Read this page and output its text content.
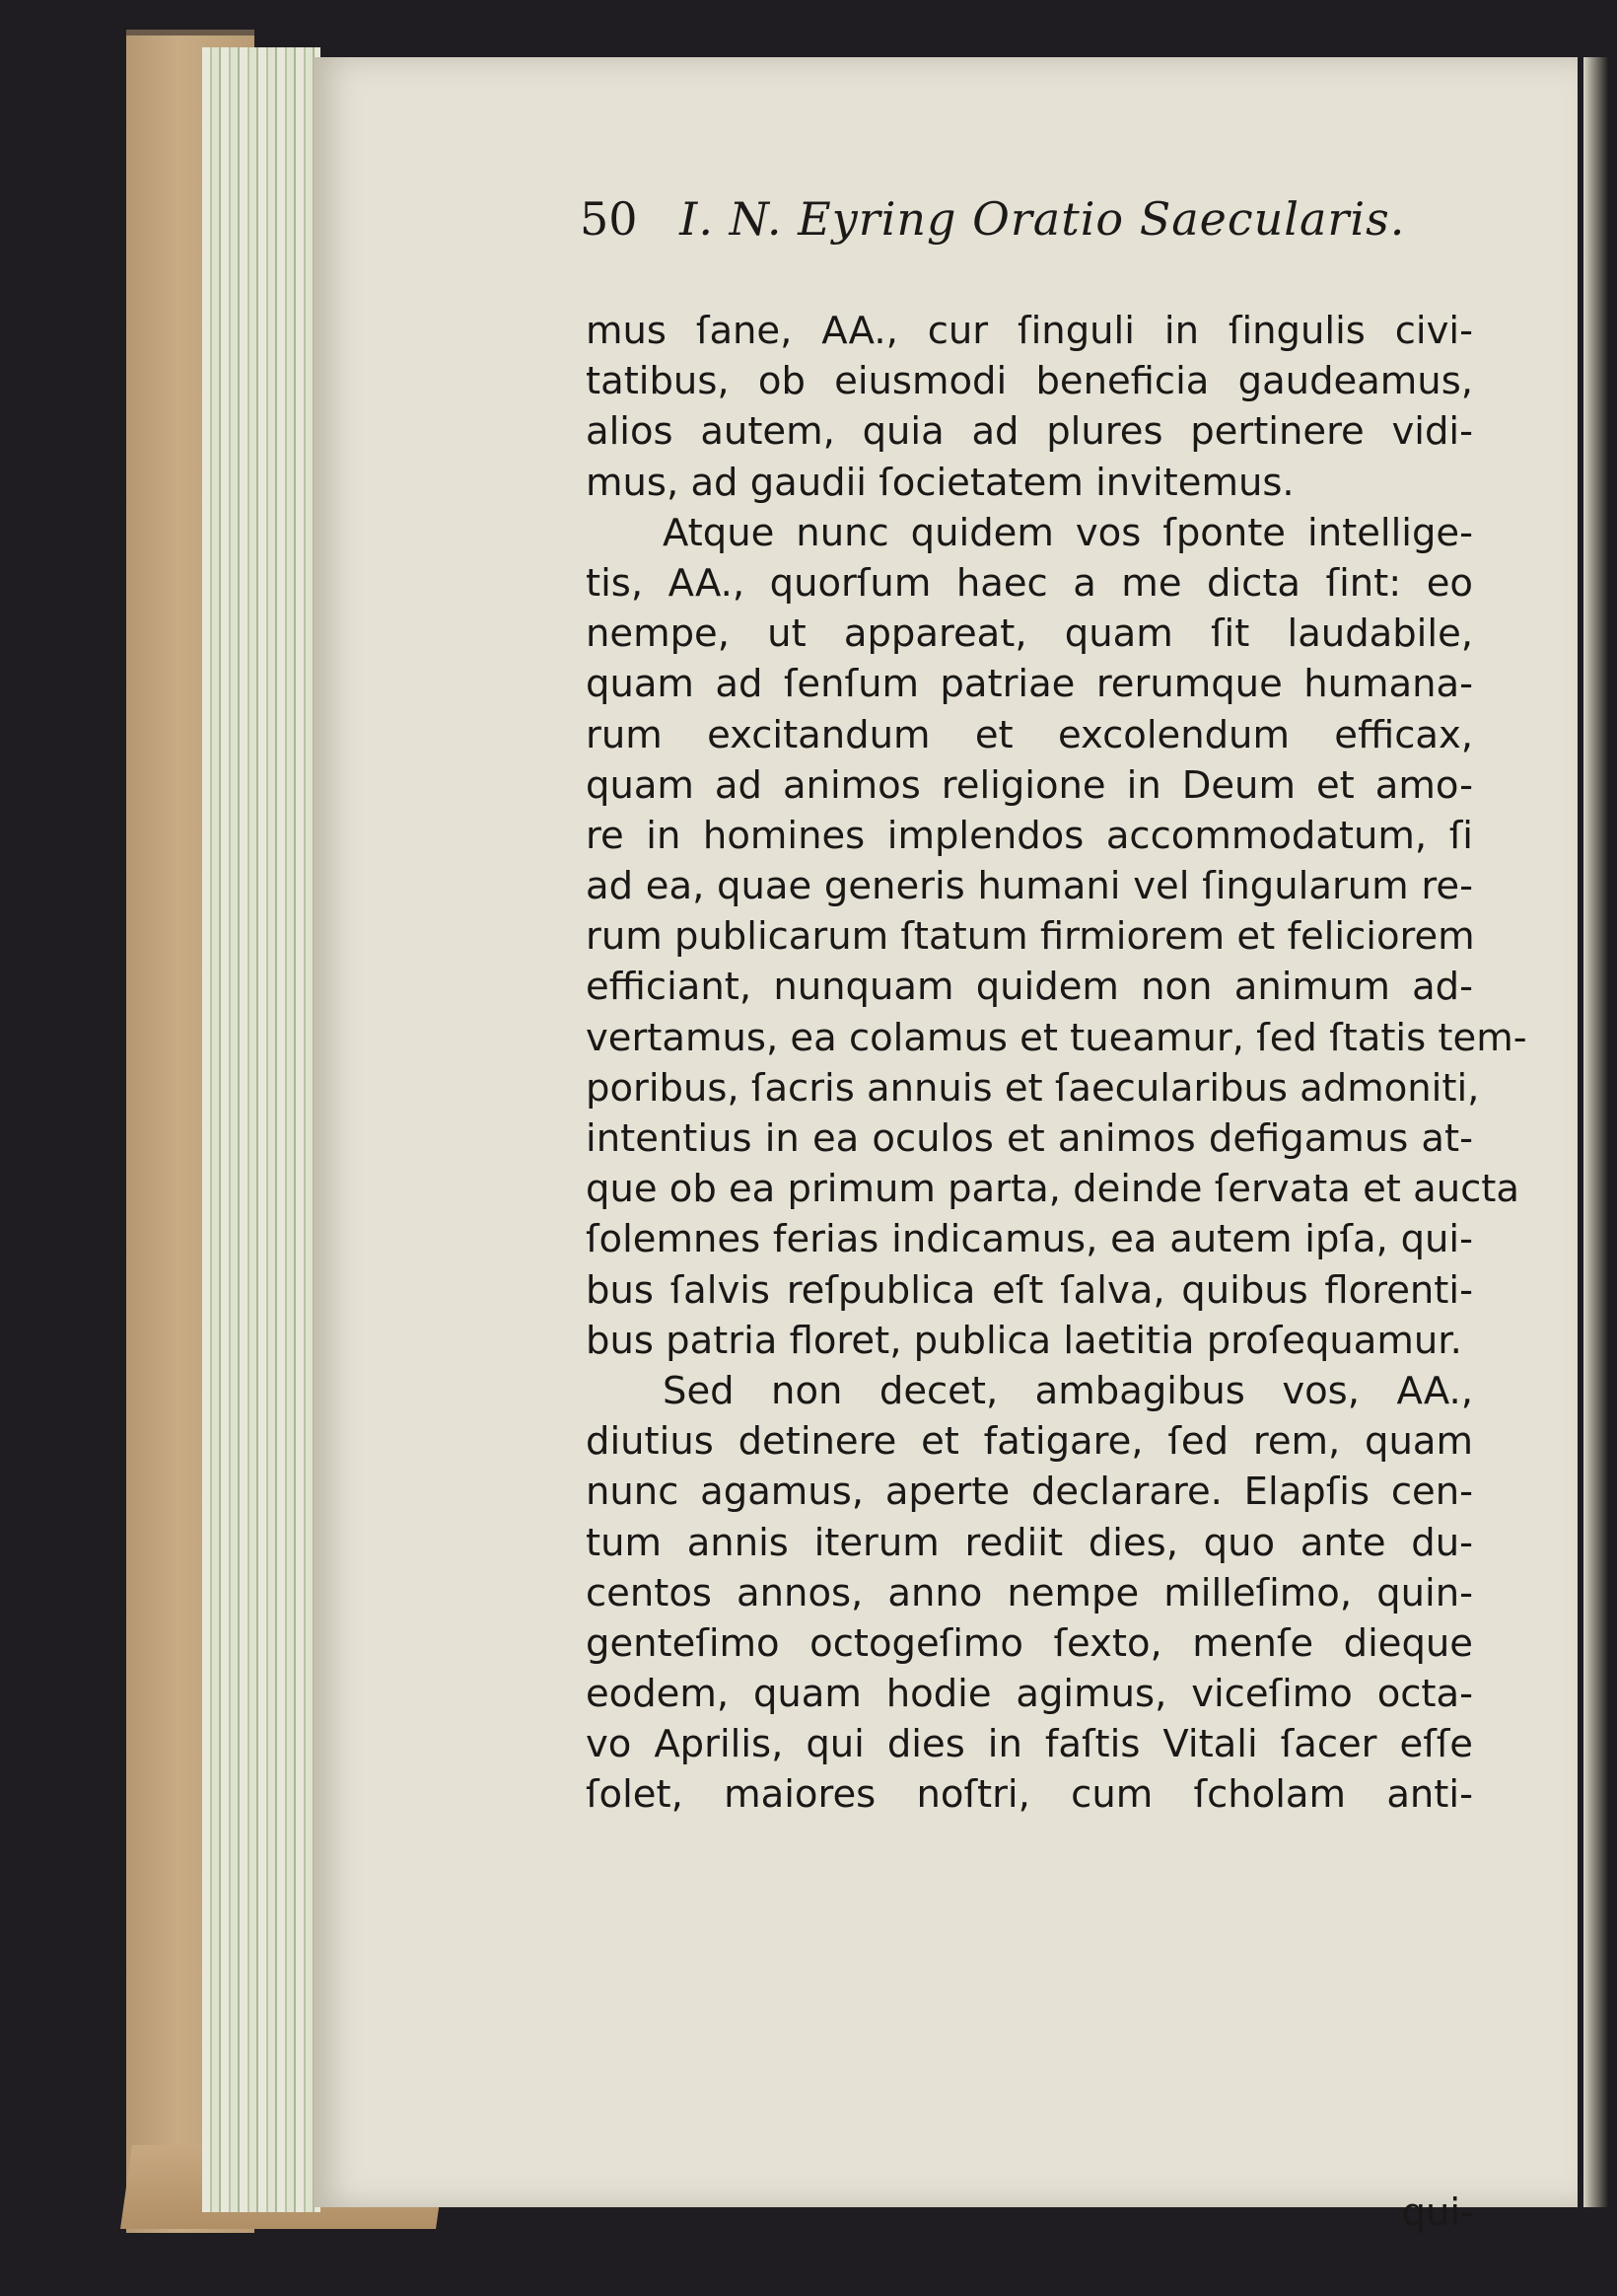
50 I. N. Eyring Oratio Saecularis.
mus ſane, AA., cur ſinguli in ſingulis civi-
tatibus, ob eiusmodi beneficia gaudeamus,
alios autem, quia ad plures pertinere vidi-
mus, ad gaudii ſocietatem invitemus.
Atque nunc quidem vos ſponte intellige-
tis, AA., quorſum haec a me dicta ſint: eo
nempe, ut appareat, quam ſit laudabile,
quam ad ſenſum patriae rerumque humana-
rum excitandum et excolendum efficax,
quam ad animos religione in Deum et amo-
re in homines implendos accommodatum, ſi
ad ea, quae generis humani vel ſingularum re-
rum publicarum ſtatum firmiorem et feliciorem
efficiant, nunquam quidem non animum ad-
vertamus, ea colamus et tueamur, ſed ſtatis tem-
poribus, ſacris annuis et ſaecularibus admoniti,
intentius in ea oculos et animos defigamus at-
que ob ea primum parta, deinde ſervata et aucta
ſolemnes ferias indicamus, ea autem ipſa, qui-
bus ſalvis reſpublica eſt ſalva, quibus florenti-
bus patria floret, publica laetitia proſequamur.
Sed non decet, ambagibus vos, AA.,
diutius detinere et fatigare, ſed rem, quam
nunc agamus, aperte declarare. Elapſis cen-
tum annis iterum rediit dies, quo ante du-
centos annos, anno nempe milleſimo, quin-
genteſimo octogeſimo ſexto, menſe dieque
eodem, quam hodie agimus, viceſimo octa-
vo Aprilis, qui dies in faſtis Vitali ſacer eſſe
ſolet, maiores noſtri, cum ſcholam anti-
qui-
